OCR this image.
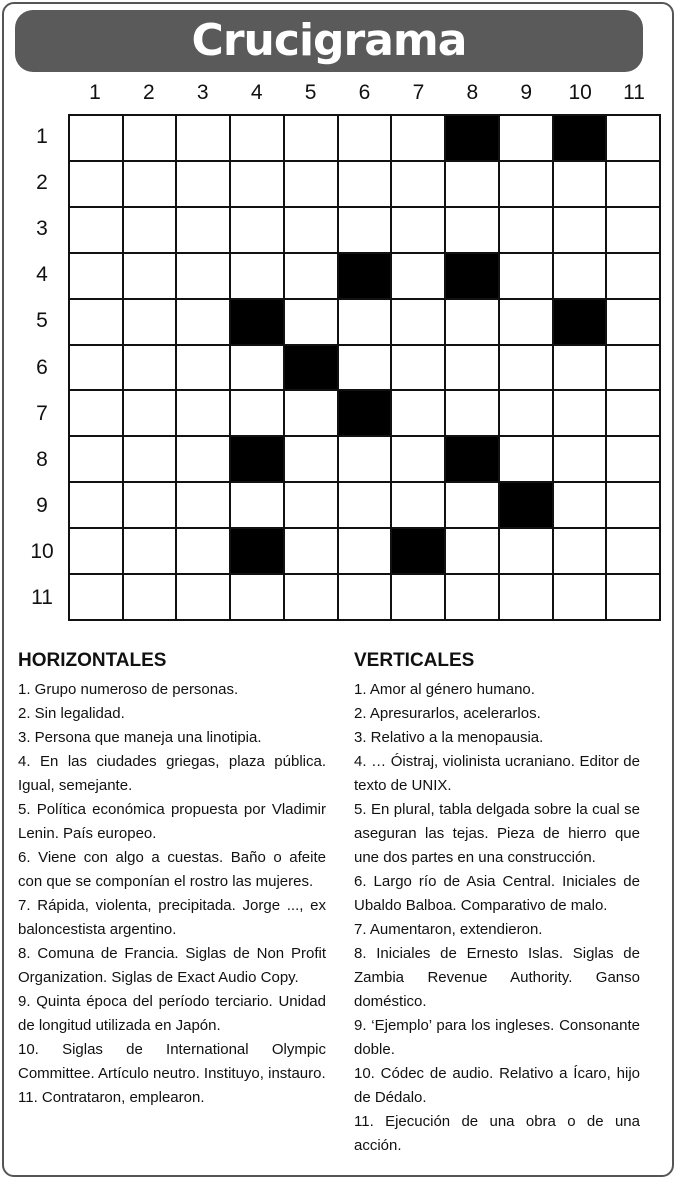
Crucigrama
1	2	3	4	5	6	7	8	9	10	11
1
2
3
4
5
6
7
8
9
10
11
HORIZONTALES

1. Grupo numeroso de personas.

2. Sin legalidad.

3. Persona que maneja una linotipia.

4. En las ciudades griegas, plaza pública. Igual, semejante.

5. Política económica propuesta por Vladimir Lenin. País europeo.

6. Viene con algo a cuestas. Baño o afeite con que se componían el rostro las mujeres.

7. Rápida, violenta, precipitada. Jorge ..., ex baloncestista argentino.

8. Comuna de Francia. Siglas de Non Profit Organization. Siglas de Exact Audio Copy.

9. Quinta época del período terciario. Unidad de longitud utilizada en Japón.

10. Siglas de International Olympic Committee. Artículo neutro. Instituyo, instauro.

11. Contrataron, emplearon.

VERTICALES

1. Amor al género humano.

2. Apresurarlos, acelerarlos.

3. Relativo a la menopausia.

4. … Óistraj, violinista ucraniano. Editor de texto de UNIX.

5. En plural, tabla delgada sobre la cual se aseguran las tejas. Pieza de hierro que une dos partes en una construcción.

6. Largo río de Asia Central. Iniciales de Ubaldo Balboa. Comparativo de malo.

7. Aumentaron, extendieron.

8. Iniciales de Ernesto Islas. Siglas de Zambia Revenue Authority. Ganso doméstico.

9. ‘Ejemplo’ para los ingleses. Consonante doble.

10. Códec de audio. Relativo a Ícaro, hijo de Dédalo.

11. Ejecución de una obra o de una acción.
